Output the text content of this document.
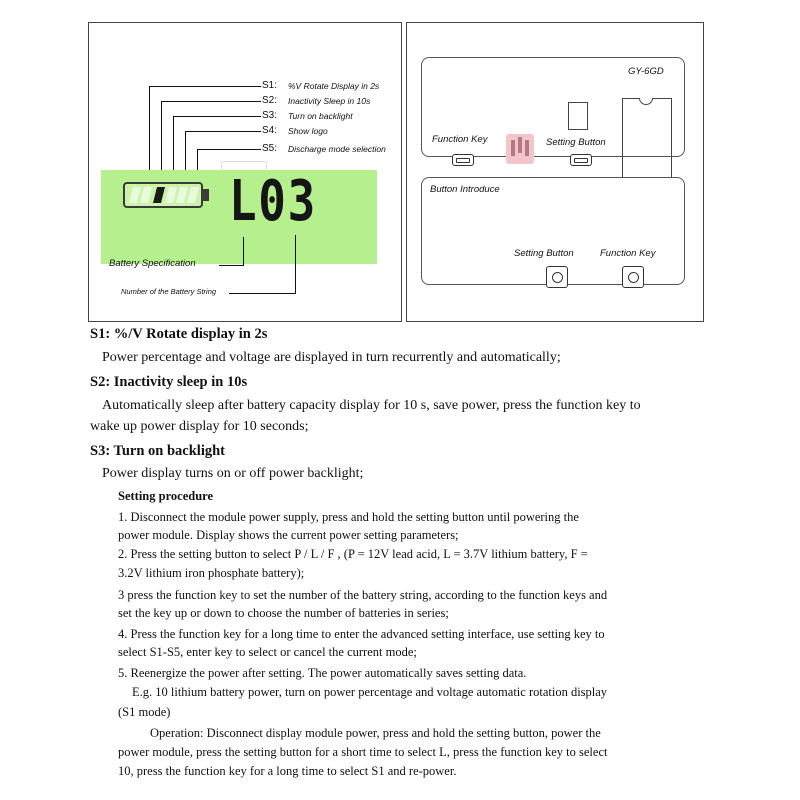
S1: %V Rotate Display in 2s
S2: Inactivity Sleep in 10s
S3: Turn on backlight
S4: Show logo
S5: Discharge mode selection
L03
Battery Specification
Number of the Battery String
GY-6GD
Function Key	Setting Button
Button Introduce
Setting Button	Function Key
S1: %/V Rotate display in 2s
Power percentage and voltage are displayed in turn recurrently and automatically;
S2: Inactivity sleep in 10s
Automatically sleep after battery capacity display for 10 s, save power, press the function key to
wake up power display for 10 seconds;
S3: Turn on backlight
Power display turns on or off power backlight;
Setting procedure
1. Disconnect the module power supply, press and hold the setting button until powering the
power module. Display shows the current power setting parameters;
2. Press the setting button to select P / L / F , (P = 12V lead acid, L = 3.7V lithium battery, F =
3.2V lithium iron phosphate battery);
3 press the function key to set the number of the battery string, according to the function keys and
set the key up or down to choose the number of batteries in series;
4. Press the function key for a long time to enter the advanced setting interface, use setting key to
select S1-S5, enter key to select or cancel the current mode;
5. Reenergize the power after setting. The power automatically saves setting data.
E.g. 10 lithium battery power, turn on power percentage and voltage automatic rotation display
(S1 mode)
Operation: Disconnect display module power, press and hold the setting button, power the
power module, press the setting button for a short time to select L, press the function key to select
10, press the function key for a long time to select S1 and re-power.
